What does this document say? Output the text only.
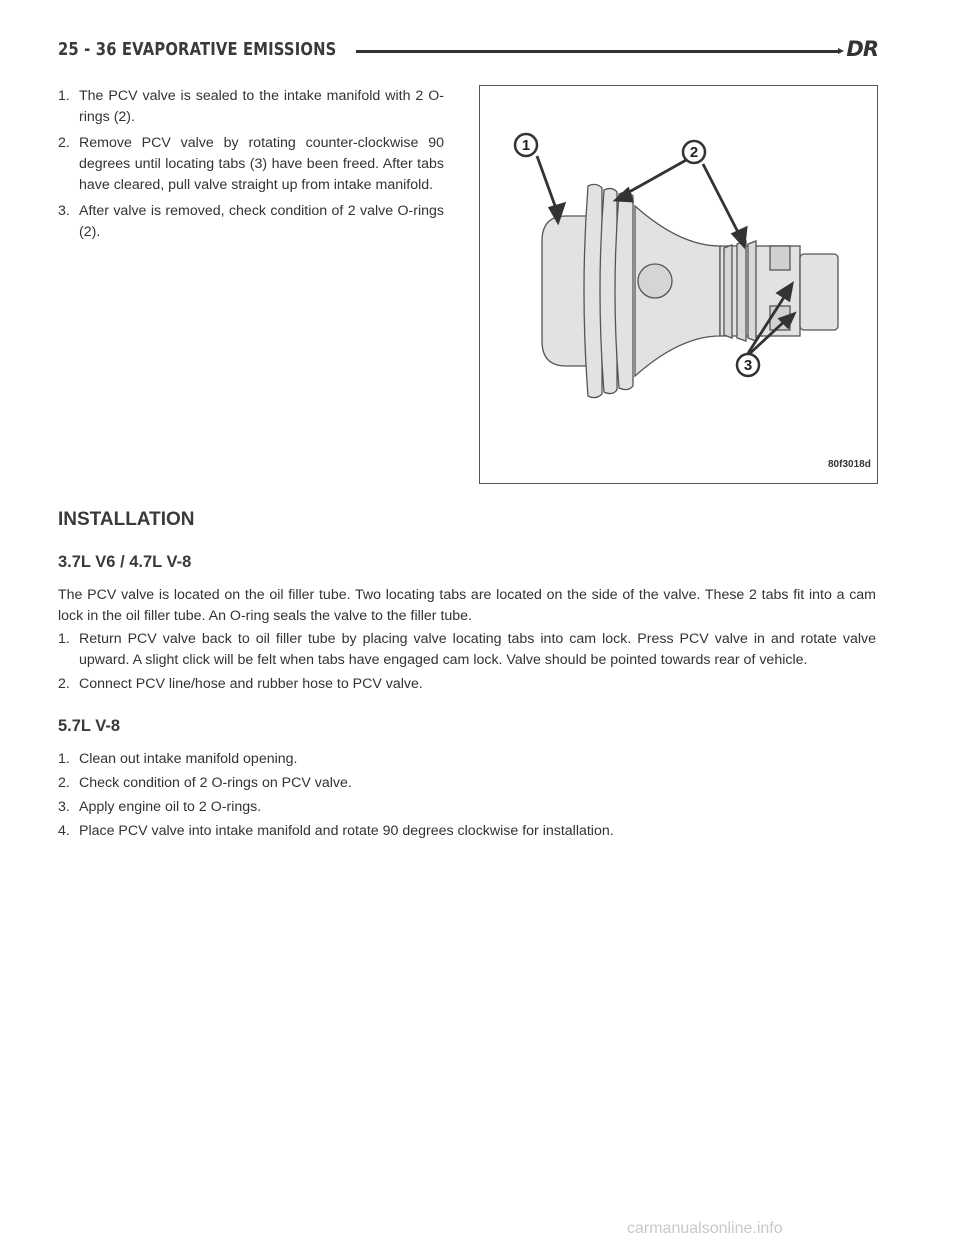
25 - 36 EVAPORATIVE EMISSIONS	DR
1. The PCV valve is sealed to the intake manifold with 2 O-rings (2).
2. Remove PCV valve by rotating counter-clockwise 90 degrees until locating tabs (3) have been freed. After tabs have cleared, pull valve straight up from intake manifold.
3. After valve is removed, check condition of 2 valve O-rings (2).
1	2
3
80f3018d
INSTALLATION
3.7L V6 / 4.7L V-8
The PCV valve is located on the oil filler tube. Two locating tabs are located on the side of the valve. These 2 tabs fit into a cam lock in the oil filler tube. An O-ring seals the valve to the filler tube.
1. Return PCV valve back to oil filler tube by placing valve locating tabs into cam lock. Press PCV valve in and rotate valve upward. A slight click will be felt when tabs have engaged cam lock. Valve should be pointed towards rear of vehicle.
2. Connect PCV line/hose and rubber hose to PCV valve.
5.7L V-8
1. Clean out intake manifold opening.
2. Check condition of 2 O-rings on PCV valve.
3. Apply engine oil to 2 O-rings.
4. Place PCV valve into intake manifold and rotate 90 degrees clockwise for installation.
carmanualsonline.info
